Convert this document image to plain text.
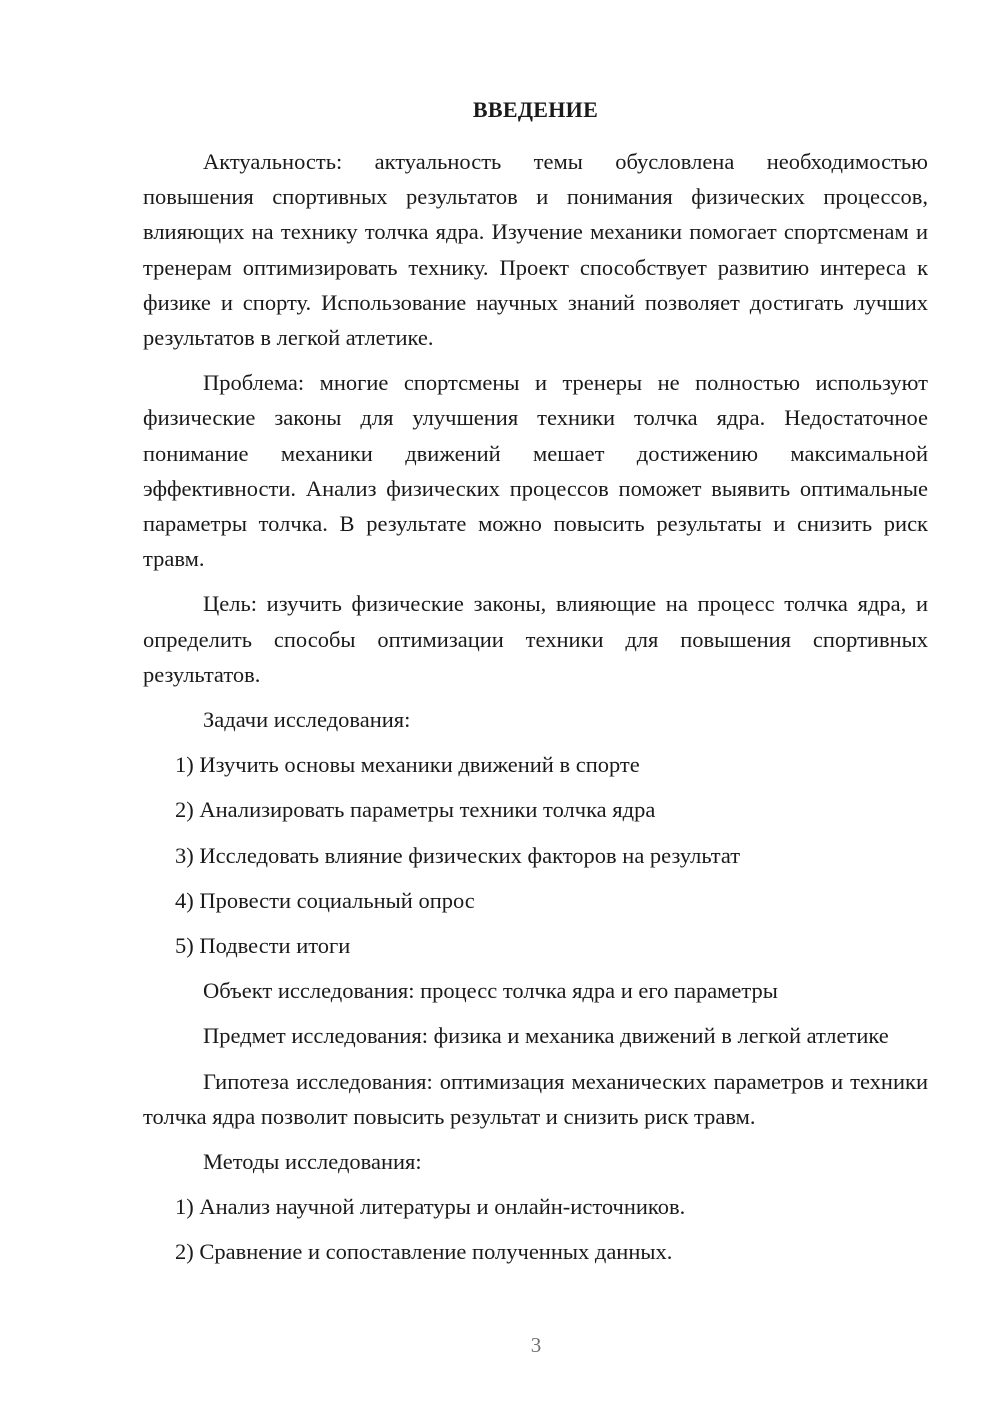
ВВЕДЕНИЕ

Актуальность: актуальность темы обусловлена необходимостью повышения спортивных результатов и понимания физических процессов, влияющих на технику толчка ядра. Изучение механики помогает спортсменам и тренерам оптимизировать технику. Проект способствует развитию интереса к физике и спорту. Использование научных знаний позволяет достигать лучших результатов в легкой атлетике.

Проблема: многие спортсмены и тренеры не полностью используют физические законы для улучшения техники толчка ядра. Недостаточное понимание механики движений мешает достижению максимальной эффективности. Анализ физических процессов поможет выявить оптимальные параметры толчка. В результате можно повысить результаты и снизить риск травм.

Цель: изучить физические законы, влияющие на процесс толчка ядра, и определить способы оптимизации техники для повышения спортивных результатов.

Задачи исследования:

1) Изучить основы механики движений в спорте

2) Анализировать параметры техники толчка ядра

3) Исследовать влияние физических факторов на результат

4) Провести социальный опрос

5) Подвести итоги

Объект исследования: процесс толчка ядра и его параметры

Предмет исследования: физика и механика движений в легкой атлетике

Гипотеза исследования: оптимизация механических параметров и техники толчка ядра позволит повысить результат и снизить риск травм.

Методы исследования:

1) Анализ научной литературы и онлайн-источников.

2) Сравнение и сопоставление полученных данных.

3
